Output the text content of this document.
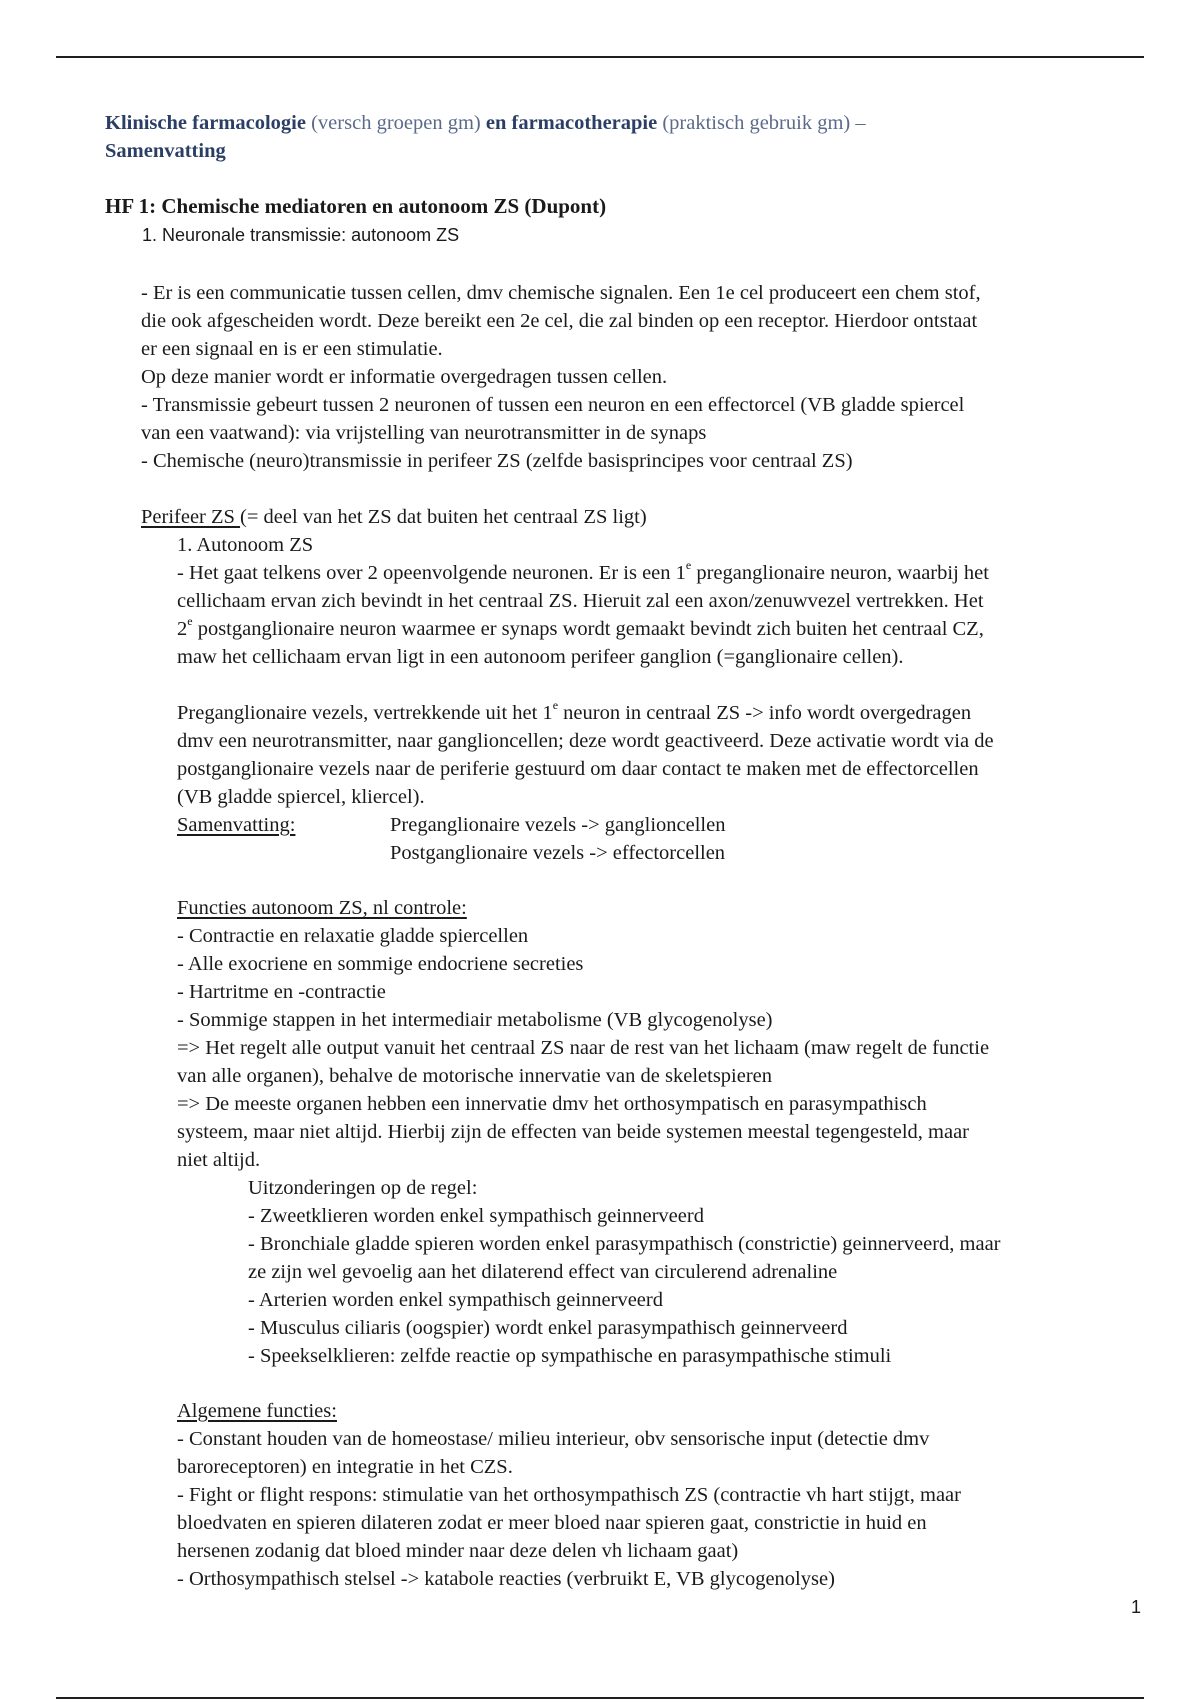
Klinische farmacologie (versch groepen gm) en farmacotherapie (praktisch gebruik gm) –
Samenvatting
HF 1: Chemische mediatoren en autonoom ZS (Dupont)
1. Neuronale transmissie: autonoom ZS
- Er is een communicatie tussen cellen, dmv chemische signalen. Een 1e cel produceert een chem stof,
die ook afgescheiden wordt. Deze bereikt een 2e cel, die zal binden op een receptor. Hierdoor ontstaat
er een signaal en is er een stimulatie.
Op deze manier wordt er informatie overgedragen tussen cellen.
- Transmissie gebeurt tussen 2 neuronen of tussen een neuron en een effectorcel (VB gladde spiercel
van een vaatwand): via vrijstelling van neurotransmitter in de synaps
- Chemische (neuro)transmissie in perifeer ZS (zelfde basisprincipes voor centraal ZS)
Perifeer ZS (= deel van het ZS dat buiten het centraal ZS ligt)
1. Autonoom ZS
- Het gaat telkens over 2 opeenvolgende neuronen. Er is een 1e preganglionaire neuron, waarbij het
cellichaam ervan zich bevindt in het centraal ZS. Hieruit zal een axon/zenuwvezel vertrekken. Het
2e postganglionaire neuron waarmee er synaps wordt gemaakt bevindt zich buiten het centraal CZ,
maw het cellichaam ervan ligt in een autonoom perifeer ganglion (=ganglionaire cellen).
Preganglionaire vezels, vertrekkende uit het 1e neuron in centraal ZS -> info wordt overgedragen
dmv een neurotransmitter, naar ganglioncellen; deze wordt geactiveerd. Deze activatie wordt via de
postganglionaire vezels naar de periferie gestuurd om daar contact te maken met de effectorcellen
(VB gladde spiercel, kliercel).
Samenvatting:	Preganglionaire vezels -> ganglioncellen
Postganglionaire vezels -> effectorcellen
Functies autonoom ZS, nl controle:
- Contractie en relaxatie gladde spiercellen
- Alle exocriene en sommige endocriene secreties
- Hartritme en -contractie
- Sommige stappen in het intermediair metabolisme (VB glycogenolyse)
=> Het regelt alle output vanuit het centraal ZS naar de rest van het lichaam (maw regelt de functie
van alle organen), behalve de motorische innervatie van de skeletspieren
=> De meeste organen hebben een innervatie dmv het orthosympatisch en parasympathisch
systeem, maar niet altijd. Hierbij zijn de effecten van beide systemen meestal tegengesteld, maar
niet altijd.
Uitzonderingen op de regel:
- Zweetklieren worden enkel sympathisch geinnerveerd
- Bronchiale gladde spieren worden enkel parasympathisch (constrictie) geinnerveerd, maar
ze zijn wel gevoelig aan het dilaterend effect van circulerend adrenaline
- Arterien worden enkel sympathisch geinnerveerd
- Musculus ciliaris (oogspier) wordt enkel parasympathisch geinnerveerd
- Speekselklieren: zelfde reactie op sympathische en parasympathische stimuli
Algemene functies:
- Constant houden van de homeostase/ milieu interieur, obv sensorische input (detectie dmv
baroreceptoren) en integratie in het CZS.
- Fight or flight respons: stimulatie van het orthosympathisch ZS (contractie vh hart stijgt, maar
bloedvaten en spieren dilateren zodat er meer bloed naar spieren gaat, constrictie in huid en
hersenen zodanig dat bloed minder naar deze delen vh lichaam gaat)
- Orthosympathisch stelsel -> katabole reacties (verbruikt E, VB glycogenolyse)
1
